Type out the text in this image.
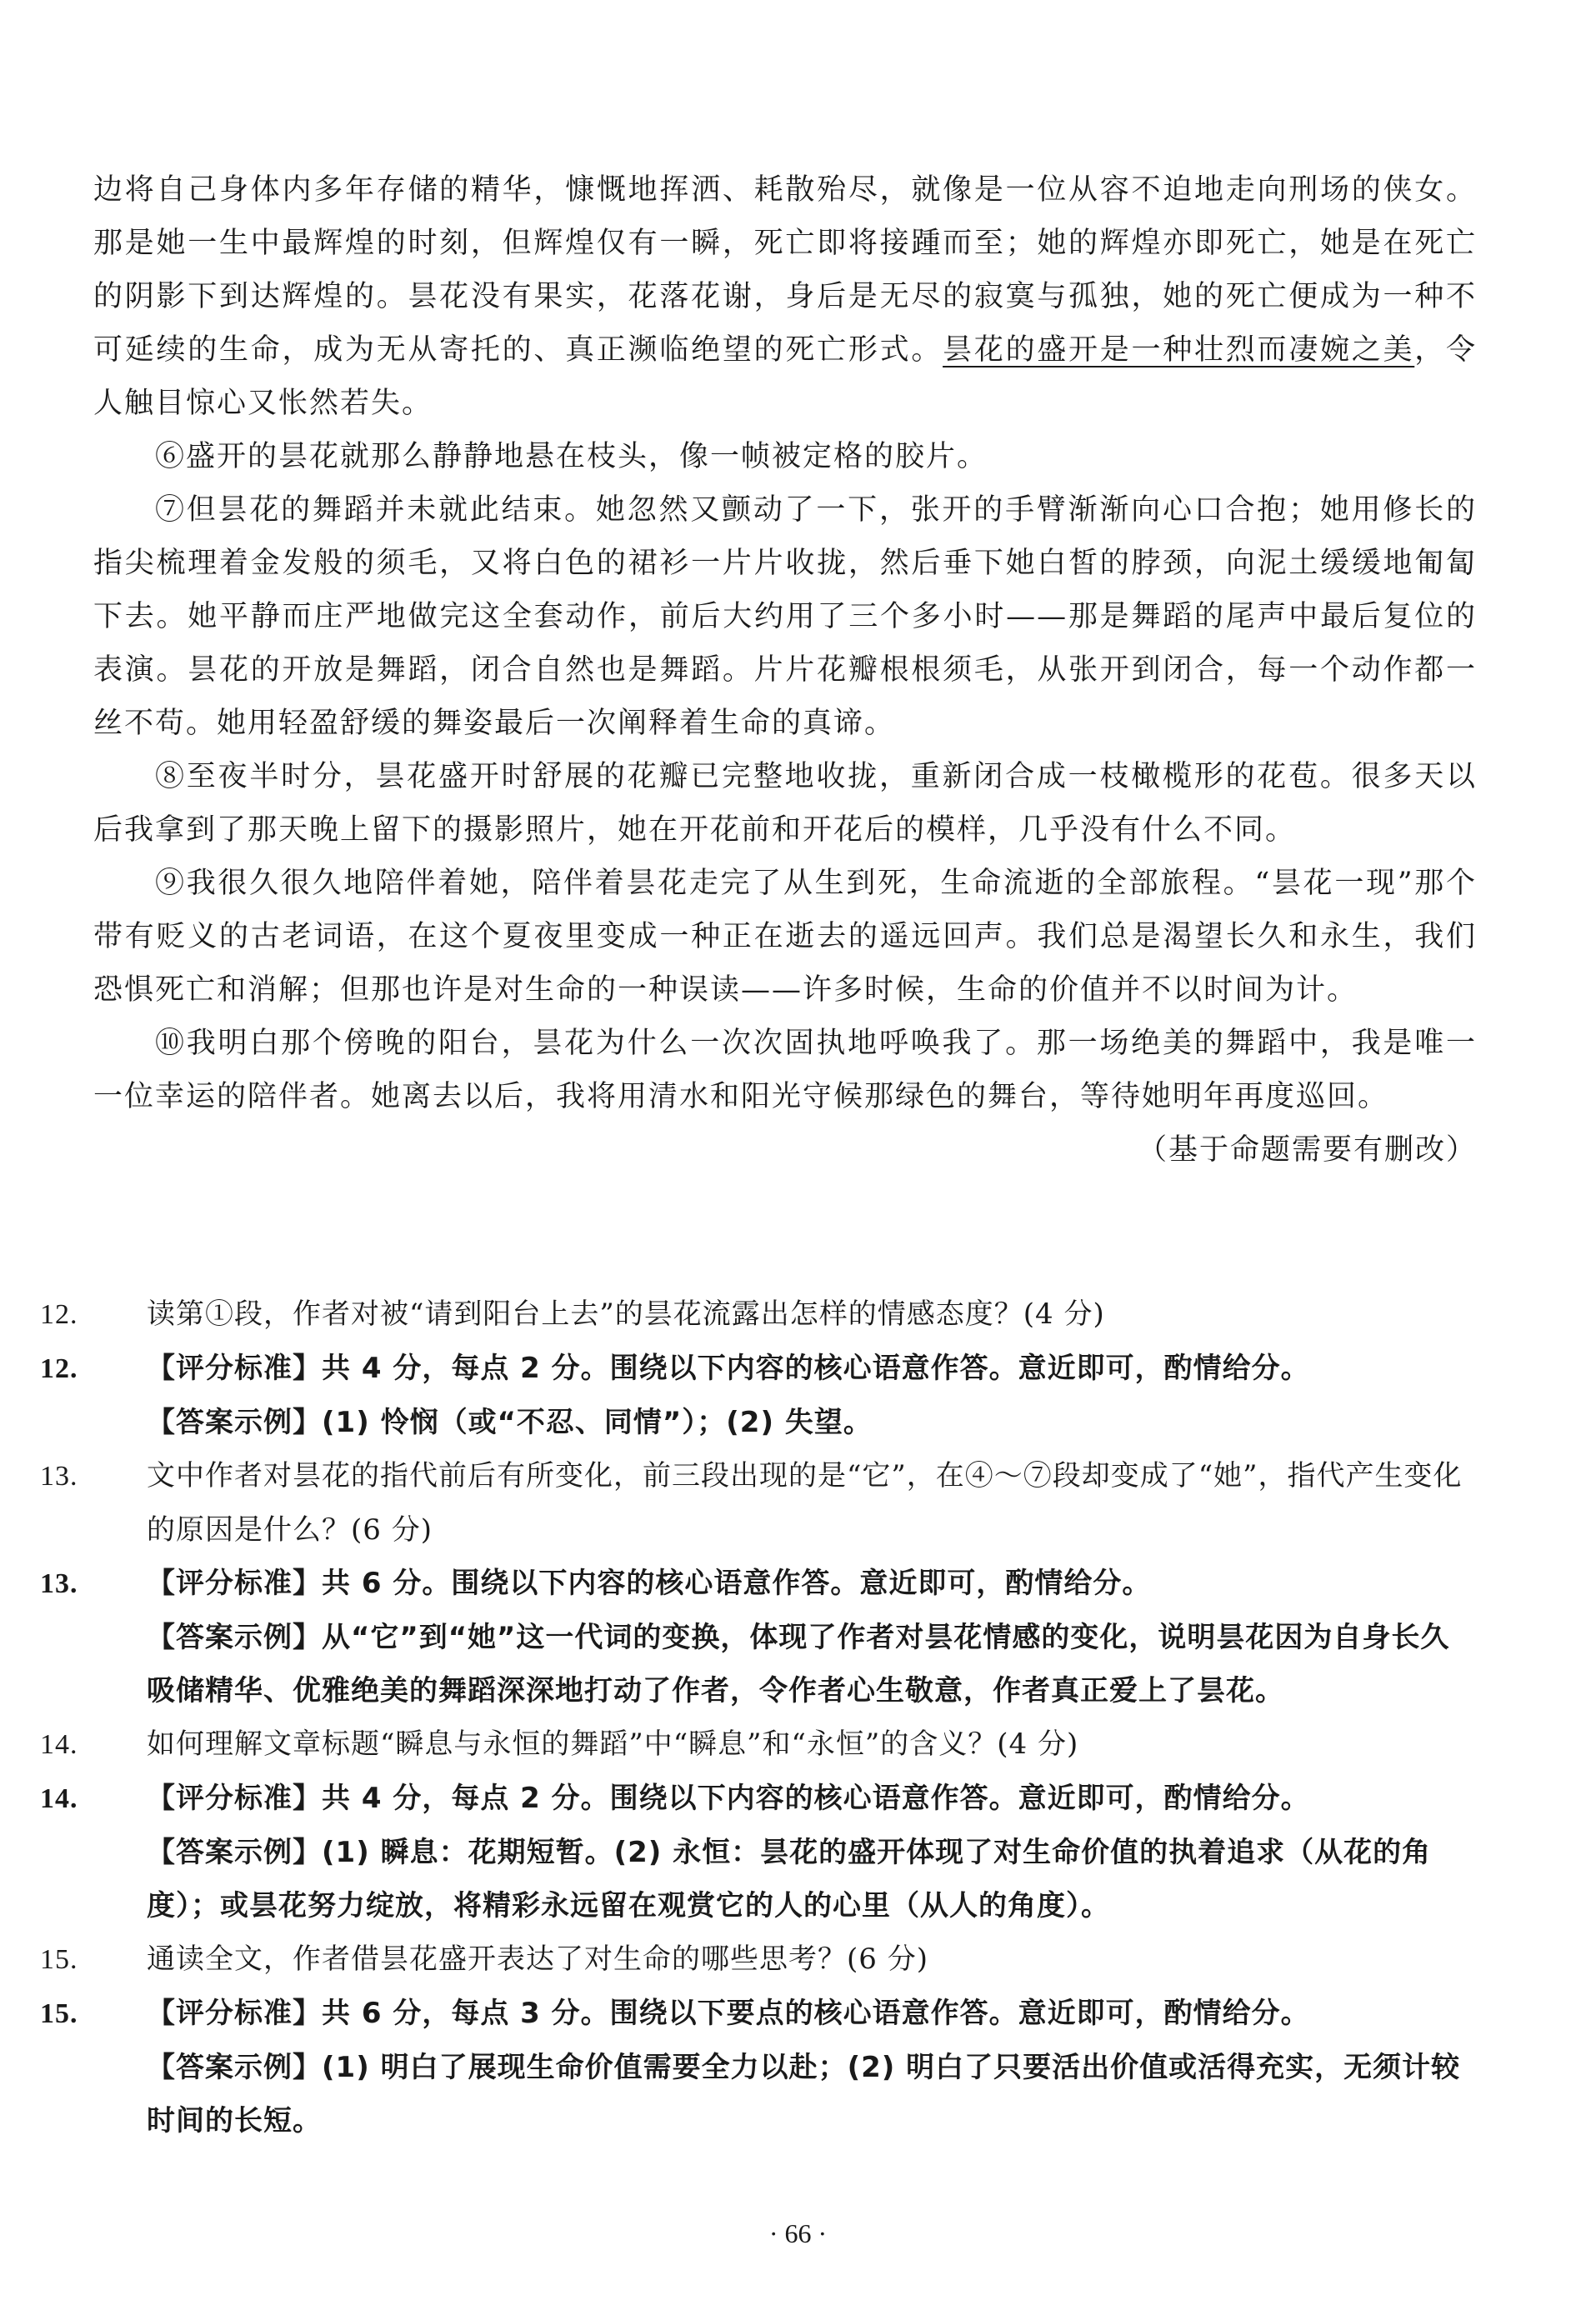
边将自己身体内多年存储的精华，慷慨地挥洒、耗散殆尽，就像是一位从容不迫地走向刑场的侠女。那是她一生中最辉煌的时刻，但辉煌仅有一瞬，死亡即将接踵而至；她的辉煌亦即死亡，她是在死亡的阴影下到达辉煌的。昙花没有果实，花落花谢，身后是无尽的寂寞与孤独，她的死亡便成为一种不可延续的生命，成为无从寄托的、真正濒临绝望的死亡形式。昙花的盛开是一种壮烈而凄婉之美，令人触目惊心又怅然若失。

⑥盛开的昙花就那么静静地悬在枝头，像一帧被定格的胶片。

⑦但昙花的舞蹈并未就此结束。她忽然又颤动了一下，张开的手臂渐渐向心口合抱；她用修长的指尖梳理着金发般的须毛，又将白色的裙衫一片片收拢，然后垂下她白皙的脖颈，向泥土缓缓地匍匐下去。她平静而庄严地做完这全套动作，前后大约用了三个多小时——那是舞蹈的尾声中最后复位的表演。昙花的开放是舞蹈，闭合自然也是舞蹈。片片花瓣根根须毛，从张开到闭合，每一个动作都一丝不苟。她用轻盈舒缓的舞姿最后一次阐释着生命的真谛。

⑧至夜半时分，昙花盛开时舒展的花瓣已完整地收拢，重新闭合成一枝橄榄形的花苞。很多天以后我拿到了那天晚上留下的摄影照片，她在开花前和开花后的模样，几乎没有什么不同。

⑨我很久很久地陪伴着她，陪伴着昙花走完了从生到死，生命流逝的全部旅程。“昙花一现”那个带有贬义的古老词语，在这个夏夜里变成一种正在逝去的遥远回声。我们总是渴望长久和永生，我们恐惧死亡和消解；但那也许是对生命的一种误读——许多时候，生命的价值并不以时间为计。

⑩我明白那个傍晚的阳台，昙花为什么一次次固执地呼唤我了。那一场绝美的舞蹈中，我是唯一一位幸运的陪伴者。她离去以后，我将用清水和阳光守候那绿色的舞台，等待她明年再度巡回。

（基于命题需要有删改）

12. 读第①段，作者对被“请到阳台上去”的昙花流露出怎样的情感态度？(4 分)

12. 【评分标准】共 4 分，每点 2 分。围绕以下内容的核心语意作答。意近即可，酌情给分。

【答案示例】(1) 怜悯（或“不忍、同情”）；(2) 失望。

13. 文中作者对昙花的指代前后有所变化，前三段出现的是“它”，在④～⑦段却变成了“她”，指代产生变化的原因是什么？(6 分)

13. 【评分标准】共 6 分。围绕以下内容的核心语意作答。意近即可，酌情给分。

【答案示例】从“它”到“她”这一代词的变换，体现了作者对昙花情感的变化，说明昙花因为自身长久吸储精华、优雅绝美的舞蹈深深地打动了作者，令作者心生敬意，作者真正爱上了昙花。

14. 如何理解文章标题“瞬息与永恒的舞蹈”中“瞬息”和“永恒”的含义？(4 分)

14. 【评分标准】共 4 分，每点 2 分。围绕以下内容的核心语意作答。意近即可，酌情给分。

【答案示例】(1) 瞬息：花期短暂。(2) 永恒：昙花的盛开体现了对生命价值的执着追求（从花的角度）；或昙花努力绽放，将精彩永远留在观赏它的人的心里（从人的角度）。

15. 通读全文，作者借昙花盛开表达了对生命的哪些思考？(6 分)

15. 【评分标准】共 6 分，每点 3 分。围绕以下要点的核心语意作答。意近即可，酌情给分。

【答案示例】(1) 明白了展现生命价值需要全力以赴；(2) 明白了只要活出价值或活得充实，无须计较时间的长短。

· 66 ·
